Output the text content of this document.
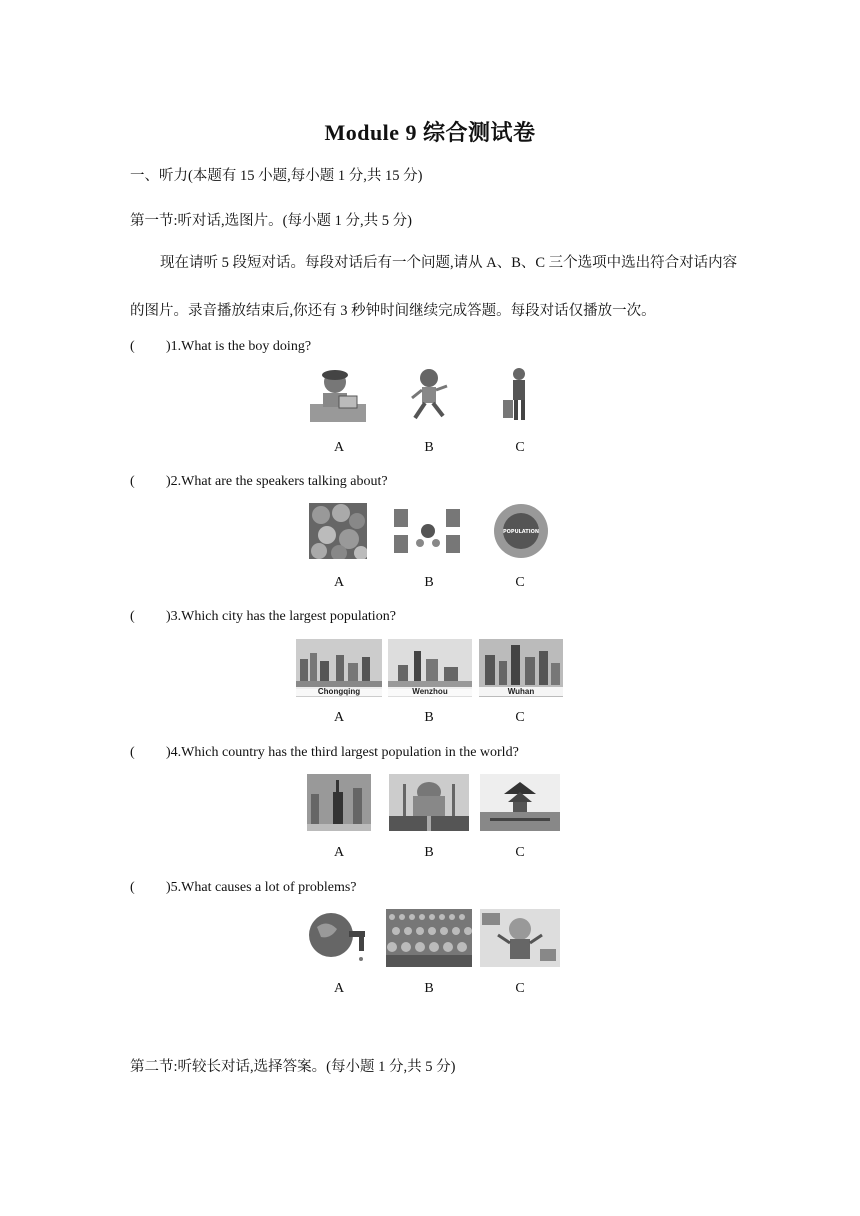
Module 9 综合测试卷
一、听力(本题有 15 小题,每小题 1 分,共 15 分)
第一节:听对话,选图片。(每小题 1 分,共 5 分)
现在请听 5 段短对话。每段对话后有一个问题,请从 A、B、C 三个选项中选出符合对话内容的图片。录音播放结束后,你还有 3 秒钟时间继续完成答题。每段对话仅播放一次。
( )1.What is the boy doing?
A	B	C
( )2.What are the speakers talking about?
POPULATION
A	B	C
( )3.Which city has the largest population?
Chongqing	Wenzhou	Wuhan
A	B	C
( )4.Which country has the third largest population in the world?
A	B	C
( )5.What causes a lot of problems?
A	B	C
第二节:听较长对话,选择答案。(每小题 1 分,共 5 分)
